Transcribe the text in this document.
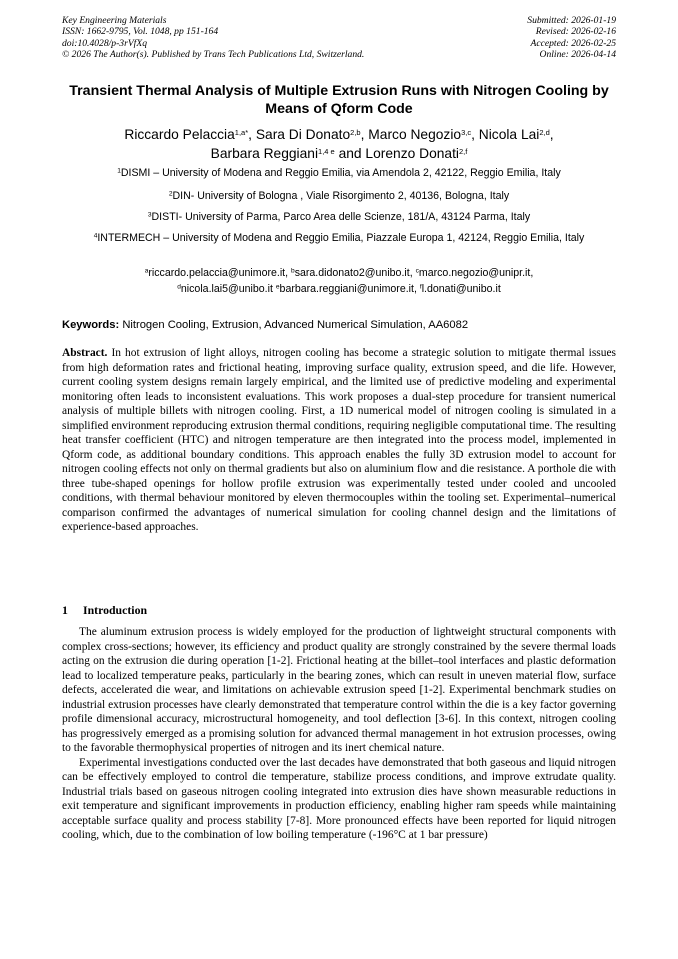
Key Engineering Materials
ISSN: 1662-9795, Vol. 1048, pp 151-164
doi:10.4028/p-3rVfXq
© 2026 The Author(s). Published by Trans Tech Publications Ltd, Switzerland.
Submitted: 2026-01-19
Revised: 2026-02-16
Accepted: 2026-02-25
Online: 2026-04-14
Transient Thermal Analysis of Multiple Extrusion Runs with Nitrogen Cooling by Means of Qform Code
Riccardo Pelaccia$^{1,a*}$, Sara Di Donato$^{2,b}$, Marco Negozio$^{3,c}$, Nicola Lai$^{2,d}$,
Barbara Reggiani$^{1,4 e}$ and Lorenzo Donati$^{2,f}$
$^1$DISMI – University of Modena and Reggio Emilia, via Amendola 2, 42122, Reggio Emilia, Italy
$^2$DIN- University of Bologna , Viale Risorgimento 2, 40136, Bologna, Italy
$^3$DISTI- University of Parma, Parco Area delle Scienze, 181/A, 43124 Parma, Italy
$^4$INTERMECH – University of Modena and Reggio Emilia, Piazzale Europa 1, 42124, Reggio Emilia, Italy
$^a$riccardo.pelaccia@unimore.it, $^b$sara.didonato2@unibo.it, $^c$marco.negozio@unipr.it,
$^d$nicola.lai5@unibo.it $^e$barbara.reggiani@unimore.it, $^f$l.donati@unibo.it
Keywords: Nitrogen Cooling, Extrusion, Advanced Numerical Simulation, AA6082

Abstract. In hot extrusion of light alloys, nitrogen cooling has become a strategic solution to mitigate thermal issues from high deformation rates and frictional heating, improving surface quality, extrusion speed, and die life. However, current cooling system designs remain largely empirical, and the limited use of predictive modeling and experimental monitoring often leads to inconsistent evaluations. This work proposes a dual-step procedure for transient numerical analysis of multiple billets with nitrogen cooling. First, a 1D numerical model of nitrogen cooling is simulated in a simplified environment reproducing extrusion thermal conditions, requiring negligible computational time. The resulting heat transfer coefficient (HTC) and nitrogen temperature are then integrated into the process model, implemented in Qform code, as additional boundary conditions. This approach enables the fully 3D extrusion model to account for nitrogen cooling effects not only on thermal gradients but also on aluminium flow and die resistance. A porthole die with three tube-shaped openings for hollow profile extrusion was experimentally tested under cooled and uncooled conditions, with thermal behaviour monitored by eleven thermocouples within the tooling set. Experimental–numerical comparison confirmed the advantages of numerical simulation for cooling channel design and the limitations of experience-based approaches.

1 Introduction

The aluminum extrusion process is widely employed for the production of lightweight structural components with complex cross-sections; however, its efficiency and product quality are strongly constrained by the severe thermal loads acting on the extrusion die during operation [1-2]. Frictional heating at the billet–tool interfaces and plastic deformation lead to localized temperature peaks, particularly in the bearing zones, which can result in uneven material flow, surface defects, accelerated die wear, and limitations on achievable extrusion speed [1-2]. Experimental benchmark studies on industrial extrusion processes have clearly demonstrated that temperature control within the die is a key factor governing profile dimensional accuracy, microstructural homogeneity, and tool deflection [3-6]. In this context, nitrogen cooling has progressively emerged as a promising solution for advanced thermal management in hot extrusion processes, owing to the favorable thermophysical properties of nitrogen and its inert chemical nature.

Experimental investigations conducted over the last decades have demonstrated that both gaseous and liquid nitrogen can be effectively employed to control die temperature, stabilize process conditions, and improve extrudate quality. Industrial trials based on gaseous nitrogen cooling integrated into extrusion dies have shown measurable reductions in exit temperature and significant improvements in production efficiency, enabling higher ram speeds while maintaining acceptable surface quality and process stability [7-8]. More pronounced effects have been reported for liquid nitrogen cooling, which, due to the combination of low boiling temperature (-196°C at 1 bar pressure)
